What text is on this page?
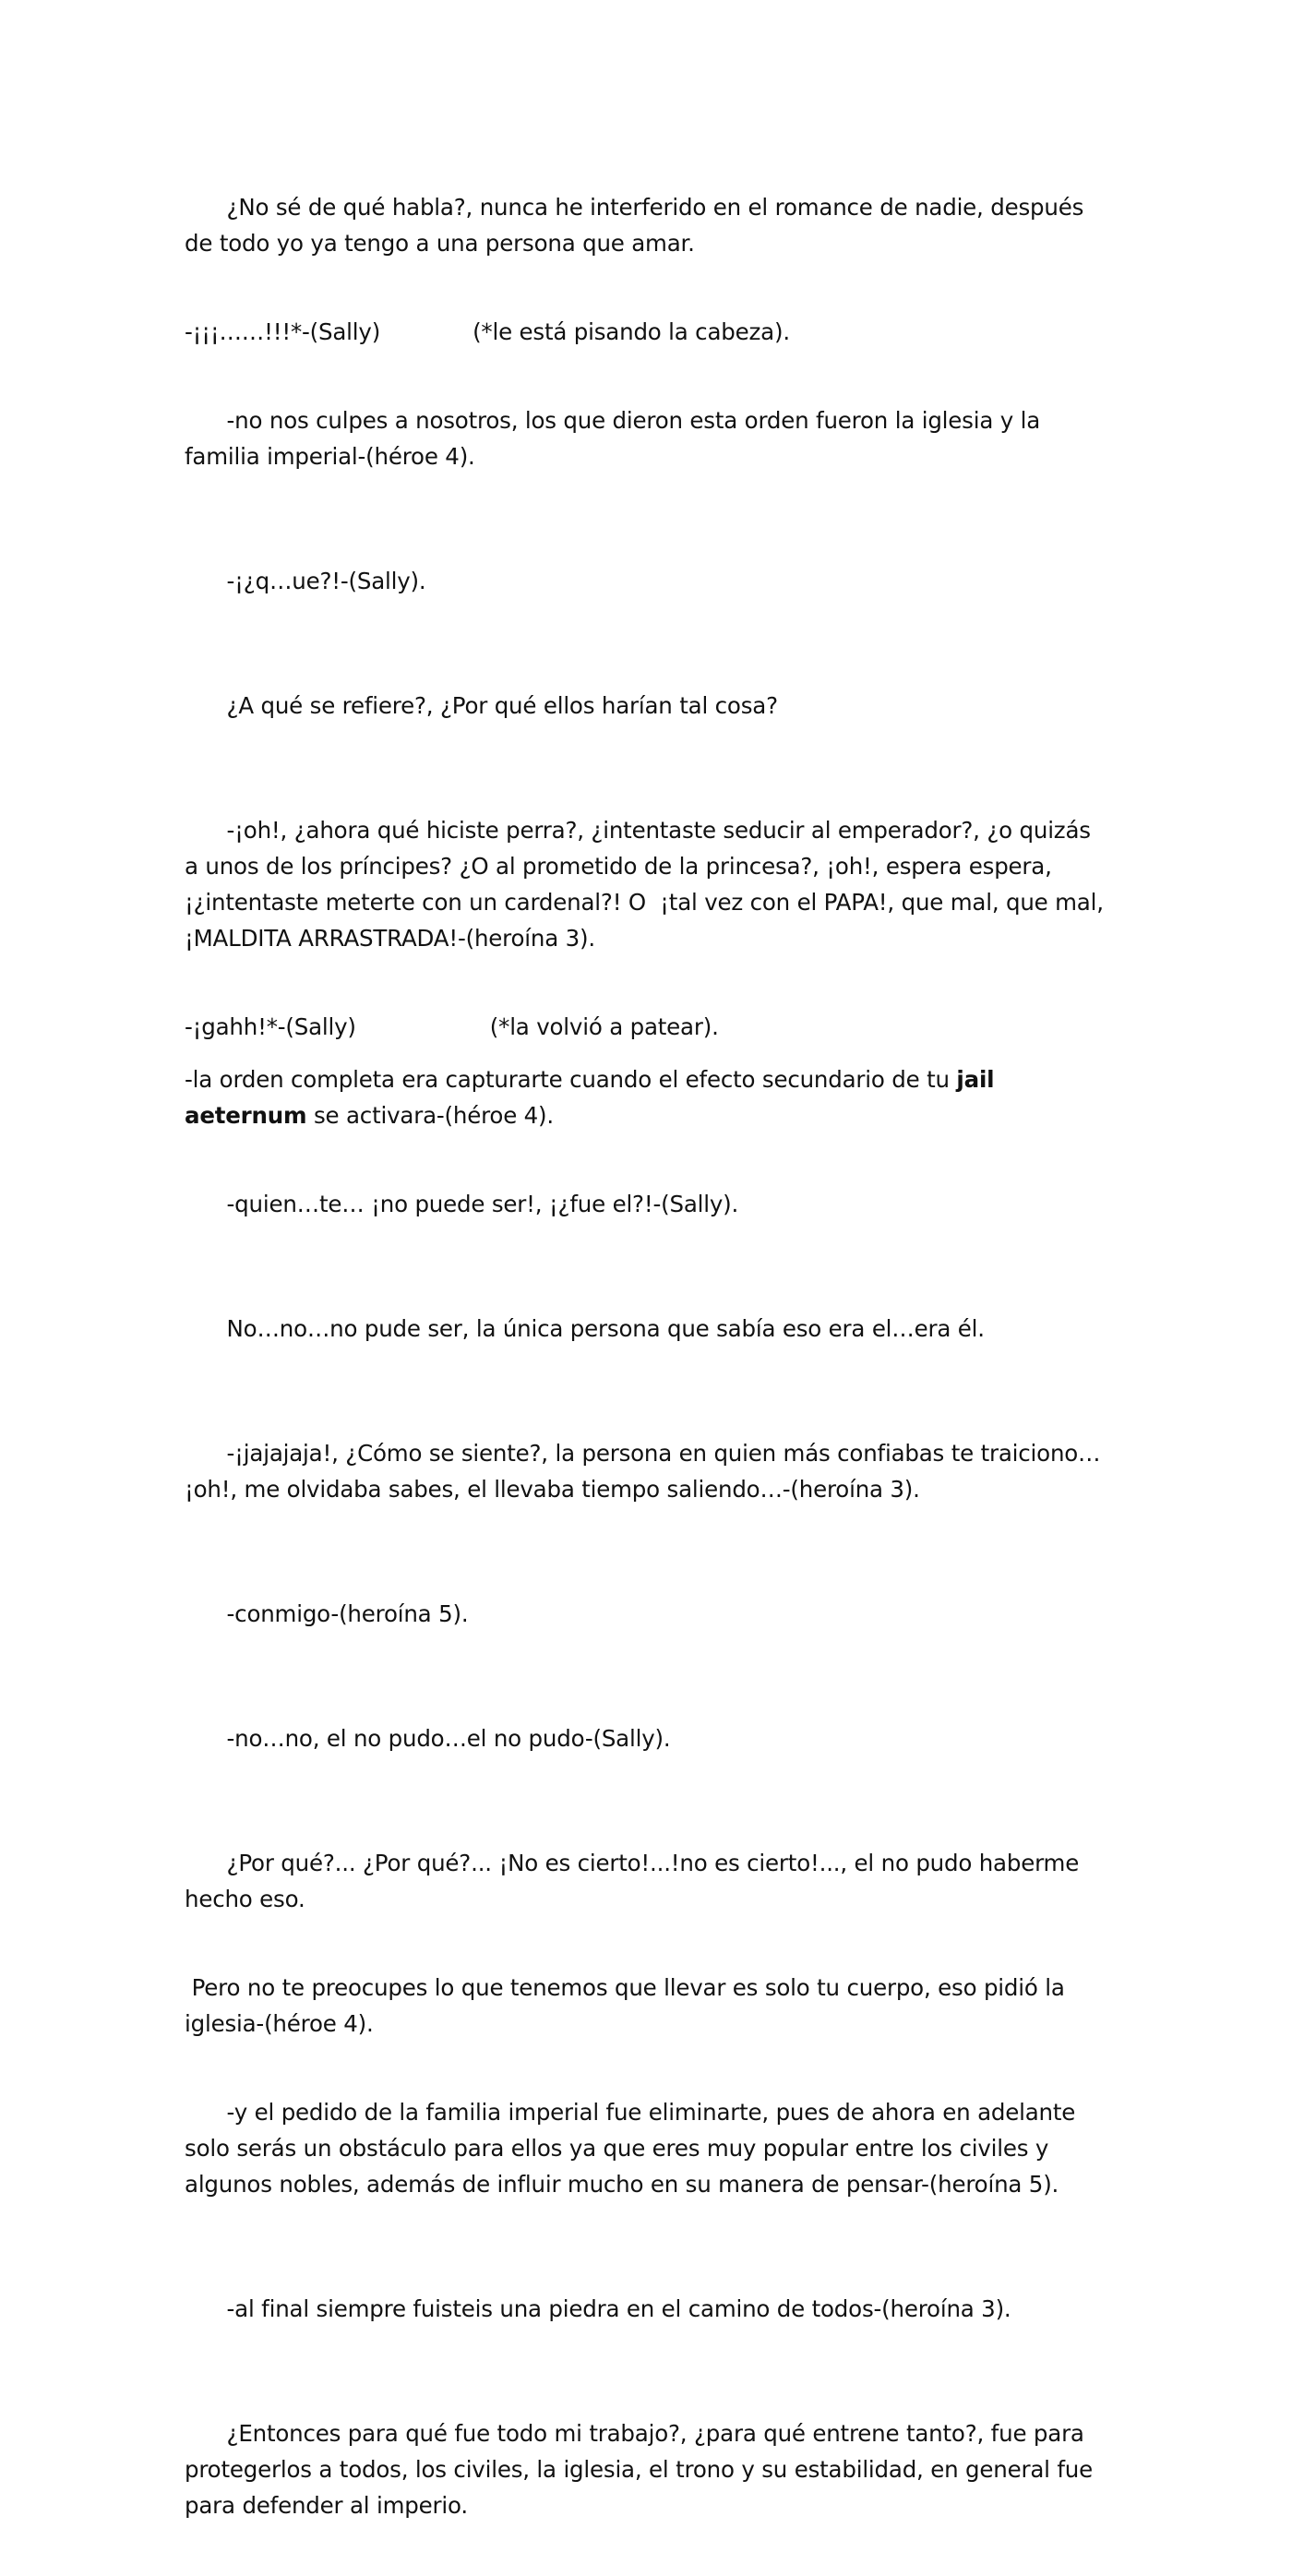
¿No sé de qué habla?, nunca he interferido en el romance de nadie, después de todo yo ya tengo a una persona que amar.

-¡¡¡……!!!*-(Sally)	(*le está pisando la cabeza).

-no nos culpes a nosotros, los que dieron esta orden fueron la iglesia y la familia imperial-(héroe 4).

-¡¿q…ue?!-(Sally).

¿A qué se refiere?, ¿Por qué ellos harían tal cosa?

-¡oh!, ¿ahora qué hiciste perra?, ¿intentaste seducir al emperador?, ¿o quizás a unos de los príncipes? ¿O al prometido de la princesa?, ¡oh!, espera espera, ¡¿intentaste meterte con un cardenal?! O  ¡tal vez con el PAPA!, que mal, que mal, ¡MALDITA ARRASTRADA!-(heroína 3).

-¡gahh!*-(Sally)	(*la volvió a patear).

-la orden completa era capturarte cuando el efecto secundario de tu jail aeternum se activara-(héroe 4).

-quien…te… ¡no puede ser!, ¡¿fue el?!-(Sally).

No…no…no pude ser, la única persona que sabía eso era el…era él.

-¡jajajaja!, ¿Cómo se siente?, la persona en quien más confiabas te traiciono… ¡oh!, me olvidaba sabes, el llevaba tiempo saliendo…-(heroína 3).

-conmigo-(heroína 5).

-no…no, el no pudo…el no pudo-(Sally).

¿Por qué?... ¿Por qué?... ¡No es cierto!...!no es cierto!..., el no pudo haberme hecho eso.

Pero no te preocupes lo que tenemos que llevar es solo tu cuerpo, eso pidió la iglesia-(héroe 4).

-y el pedido de la familia imperial fue eliminarte, pues de ahora en adelante solo serás un obstáculo para ellos ya que eres muy popular entre los civiles y algunos nobles, además de influir mucho en su manera de pensar-(heroína 5).

-al final siempre fuisteis una piedra en el camino de todos-(heroína 3).

¿Entonces para qué fue todo mi trabajo?, ¿para qué entrene tanto?, fue para protegerlos a todos, los civiles, la iglesia, el trono y su estabilidad, en general fue para defender al imperio.
